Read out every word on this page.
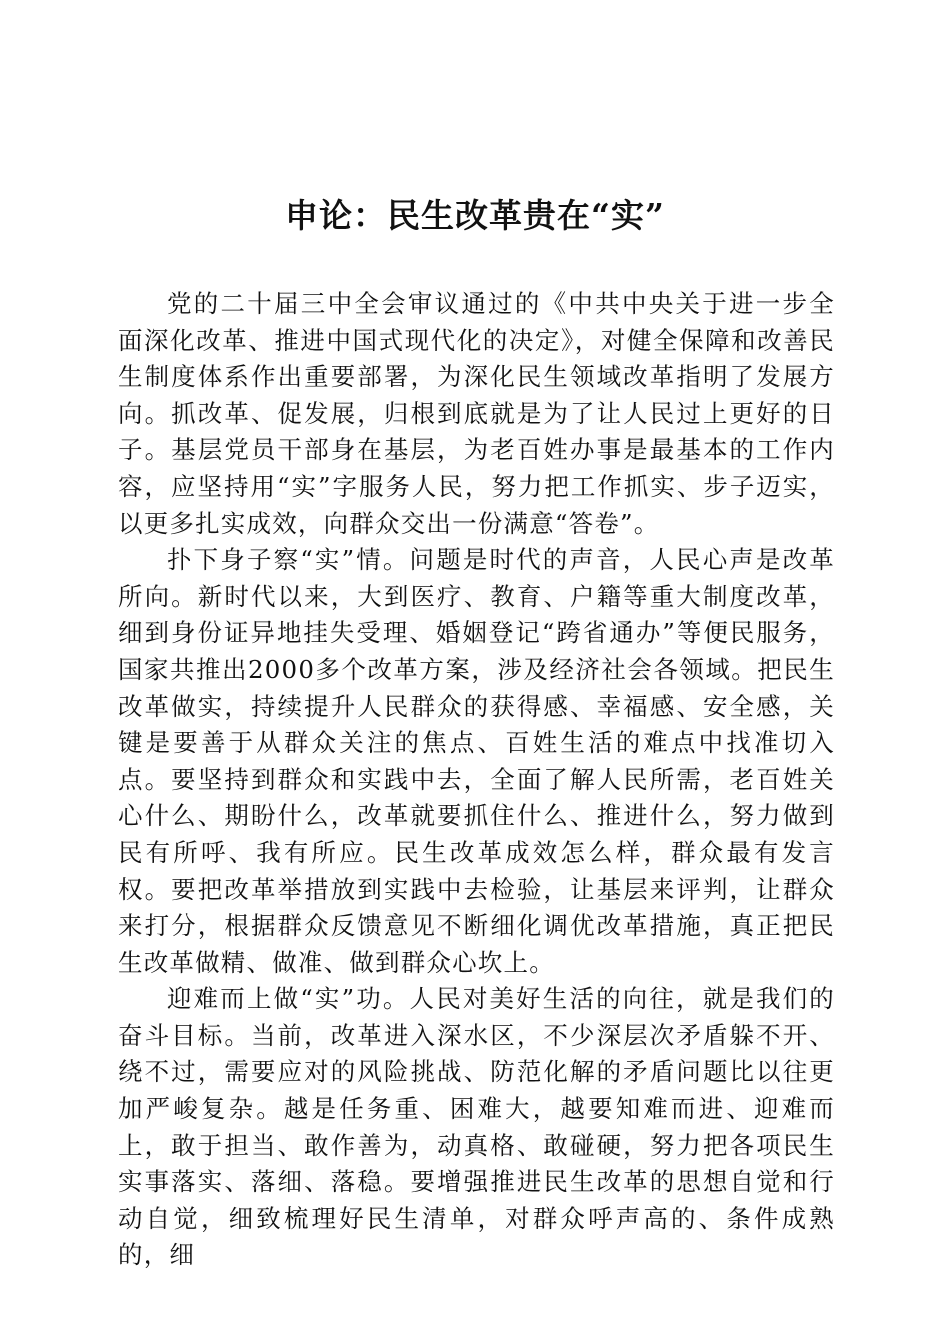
申论：民生改革贵在“实”

党的二十届三中全会审议通过的《中共中央关于进一步全面深化改革、推进中国式现代化的决定》，对健全保障和改善民生制度体系作出重要部署，为深化民生领域改革指明了发展方向。抓改革、促发展，归根到底就是为了让人民过上更好的日子。基层党员干部身在基层，为老百姓办事是最基本的工作内容，应坚持用“实”字服务人民，努力把工作抓实、步子迈实，以更多扎实成效，向群众交出一份满意“答卷”。

扑下身子察“实”情。问题是时代的声音，人民心声是改革所向。新时代以来，大到医疗、教育、户籍等重大制度改革，细到身份证异地挂失受理、婚姻登记“跨省通办”等便民服务，国家共推出2000多个改革方案，涉及经济社会各领域。把民生改革做实，持续提升人民群众的获得感、幸福感、安全感，关键是要善于从群众关注的焦点、百姓生活的难点中找准切入点。要坚持到群众和实践中去，全面了解人民所需，老百姓关心什么、期盼什么，改革就要抓住什么、推进什么，努力做到民有所呼、我有所应。民生改革成效怎么样，群众最有发言权。要把改革举措放到实践中去检验，让基层来评判，让群众来打分，根据群众反馈意见不断细化调优改革措施，真正把民生改革做精、做准、做到群众心坎上。

迎难而上做“实”功。人民对美好生活的向往，就是我们的奋斗目标。当前，改革进入深水区，不少深层次矛盾躲不开、绕不过，需要应对的风险挑战、防范化解的矛盾问题比以往更加严峻复杂。越是任务重、困难大，越要知难而进、迎难而上，敢于担当、敢作善为，动真格、敢碰硬，努力把各项民生实事落实、落细、落稳。要增强推进民生改革的思想自觉和行动自觉，细致梳理好民生清单，对群众呼声高的、条件成熟的，细
